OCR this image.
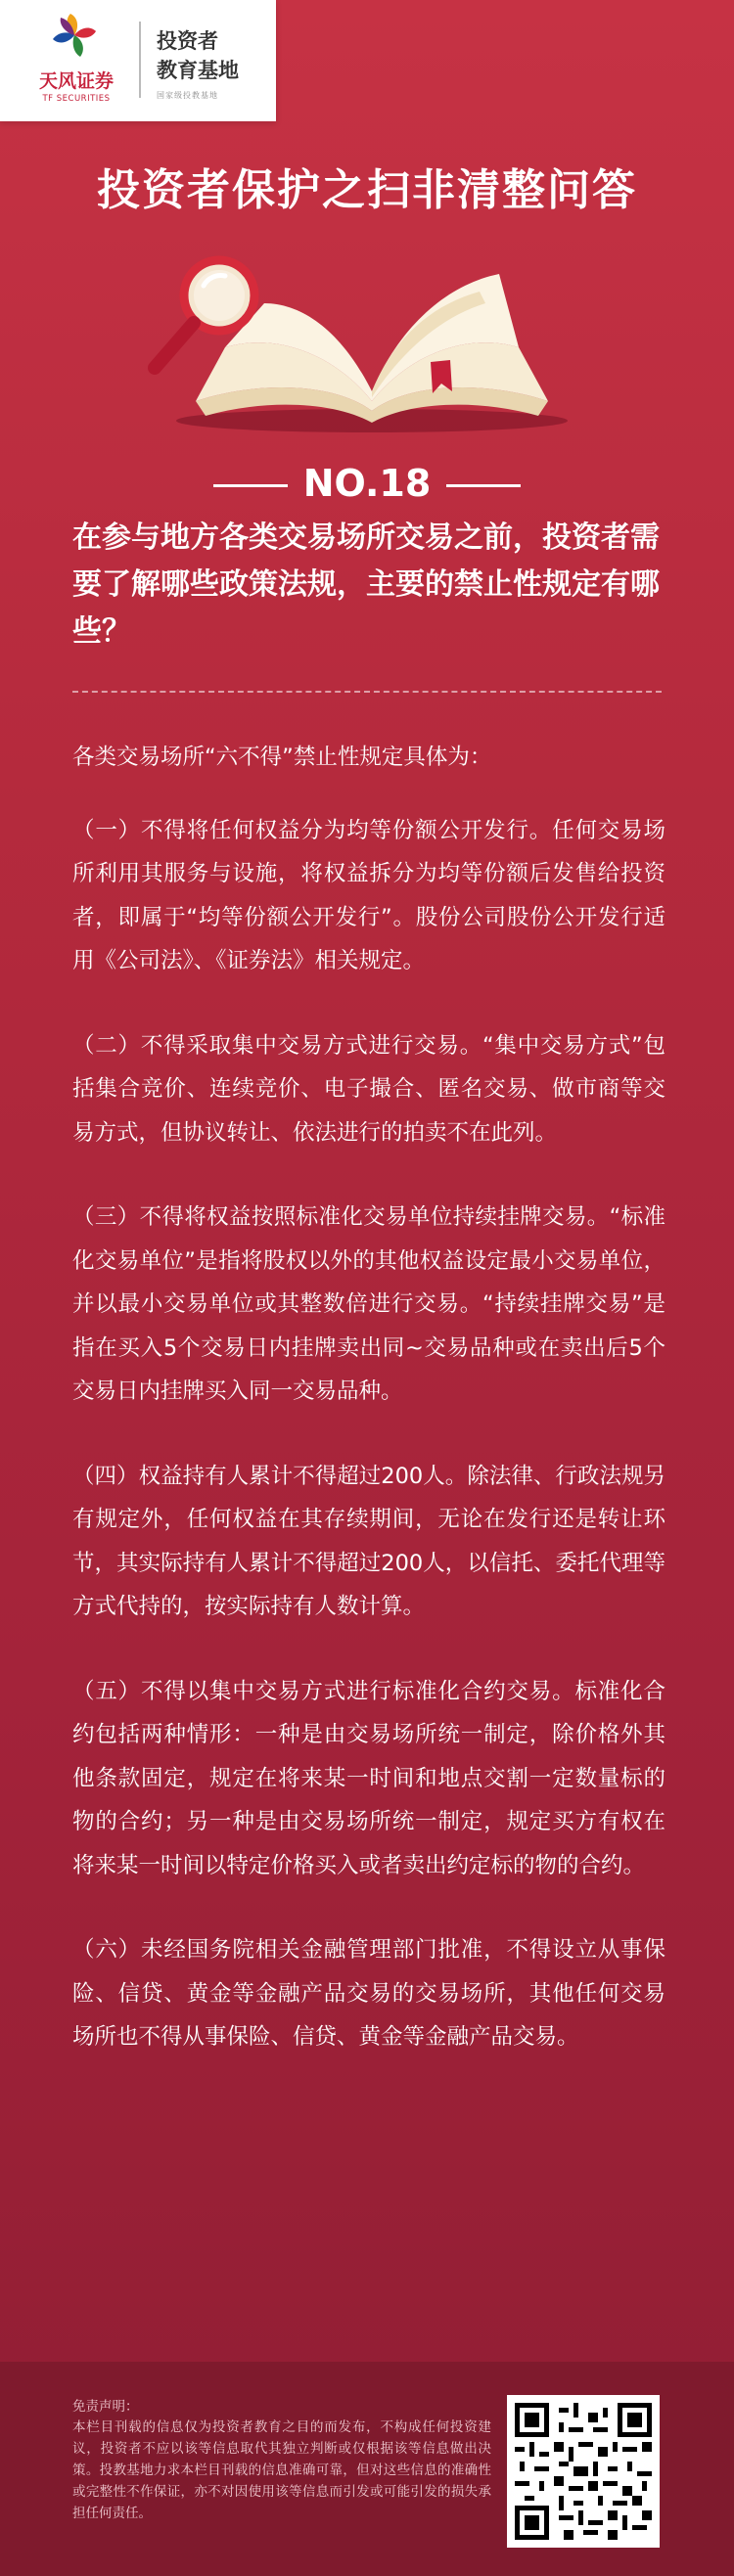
天风证券
TF SECURITIES
投资者
教育基地
国家级投教基地
投资者保护之扫非清整问答
NO.18
在参与地方各类交易场所交易之前，投资者需要了解哪些政策法规，主要的禁止性规定有哪些？

各类交易场所“六不得”禁止性规定具体为：

（一）不得将任何权益分为均等份额公开发行。任何交易场所利用其服务与设施，将权益拆分为均等份额后发售给投资者，即属于“均等份额公开发行”。股份公司股份公开发行适用《公司法》、《证券法》相关规定。

（二）不得采取集中交易方式进行交易。“集中交易方式”包括集合竞价、连续竞价、电子撮合、匿名交易、做市商等交易方式，但协议转让、依法进行的拍卖不在此列。

（三）不得将权益按照标准化交易单位持续挂牌交易。“标准化交易单位”是指将股权以外的其他权益设定最小交易单位，并以最小交易单位或其整数倍进行交易。“持续挂牌交易”是指在买入5个交易日内挂牌卖出同~交易品种或在卖出后5个交易日内挂牌买入同一交易品种。

（四）权益持有人累计不得超过200人。除法律、行政法规另有规定外，任何权益在其存续期间，无论在发行还是转让环节，其实际持有人累计不得超过200人，以信托、委托代理等方式代持的，按实际持有人数计算。

（五）不得以集中交易方式进行标准化合约交易。标准化合约包括两种情形：一种是由交易场所统一制定，除价格外其他条款固定，规定在将来某一时间和地点交割一定数量标的物的合约；另一种是由交易场所统一制定，规定买方有权在将来某一时间以特定价格买入或者卖出约定标的物的合约。

（六）未经国务院相关金融管理部门批准，不得设立从事保险、信贷、黄金等金融产品交易的交易场所，其他任何交易场所也不得从事保险、信贷、黄金等金融产品交易。

免责声明：
本栏目刊载的信息仅为投资者教育之目的而发布，不构成任何投资建议，投资者不应以该等信息取代其独立判断或仅根据该等信息做出决策。投教基地力求本栏目刊载的信息准确可靠，但对这些信息的准确性或完整性不作保证，亦不对因使用该等信息而引发或可能引发的损失承担任何责任。
